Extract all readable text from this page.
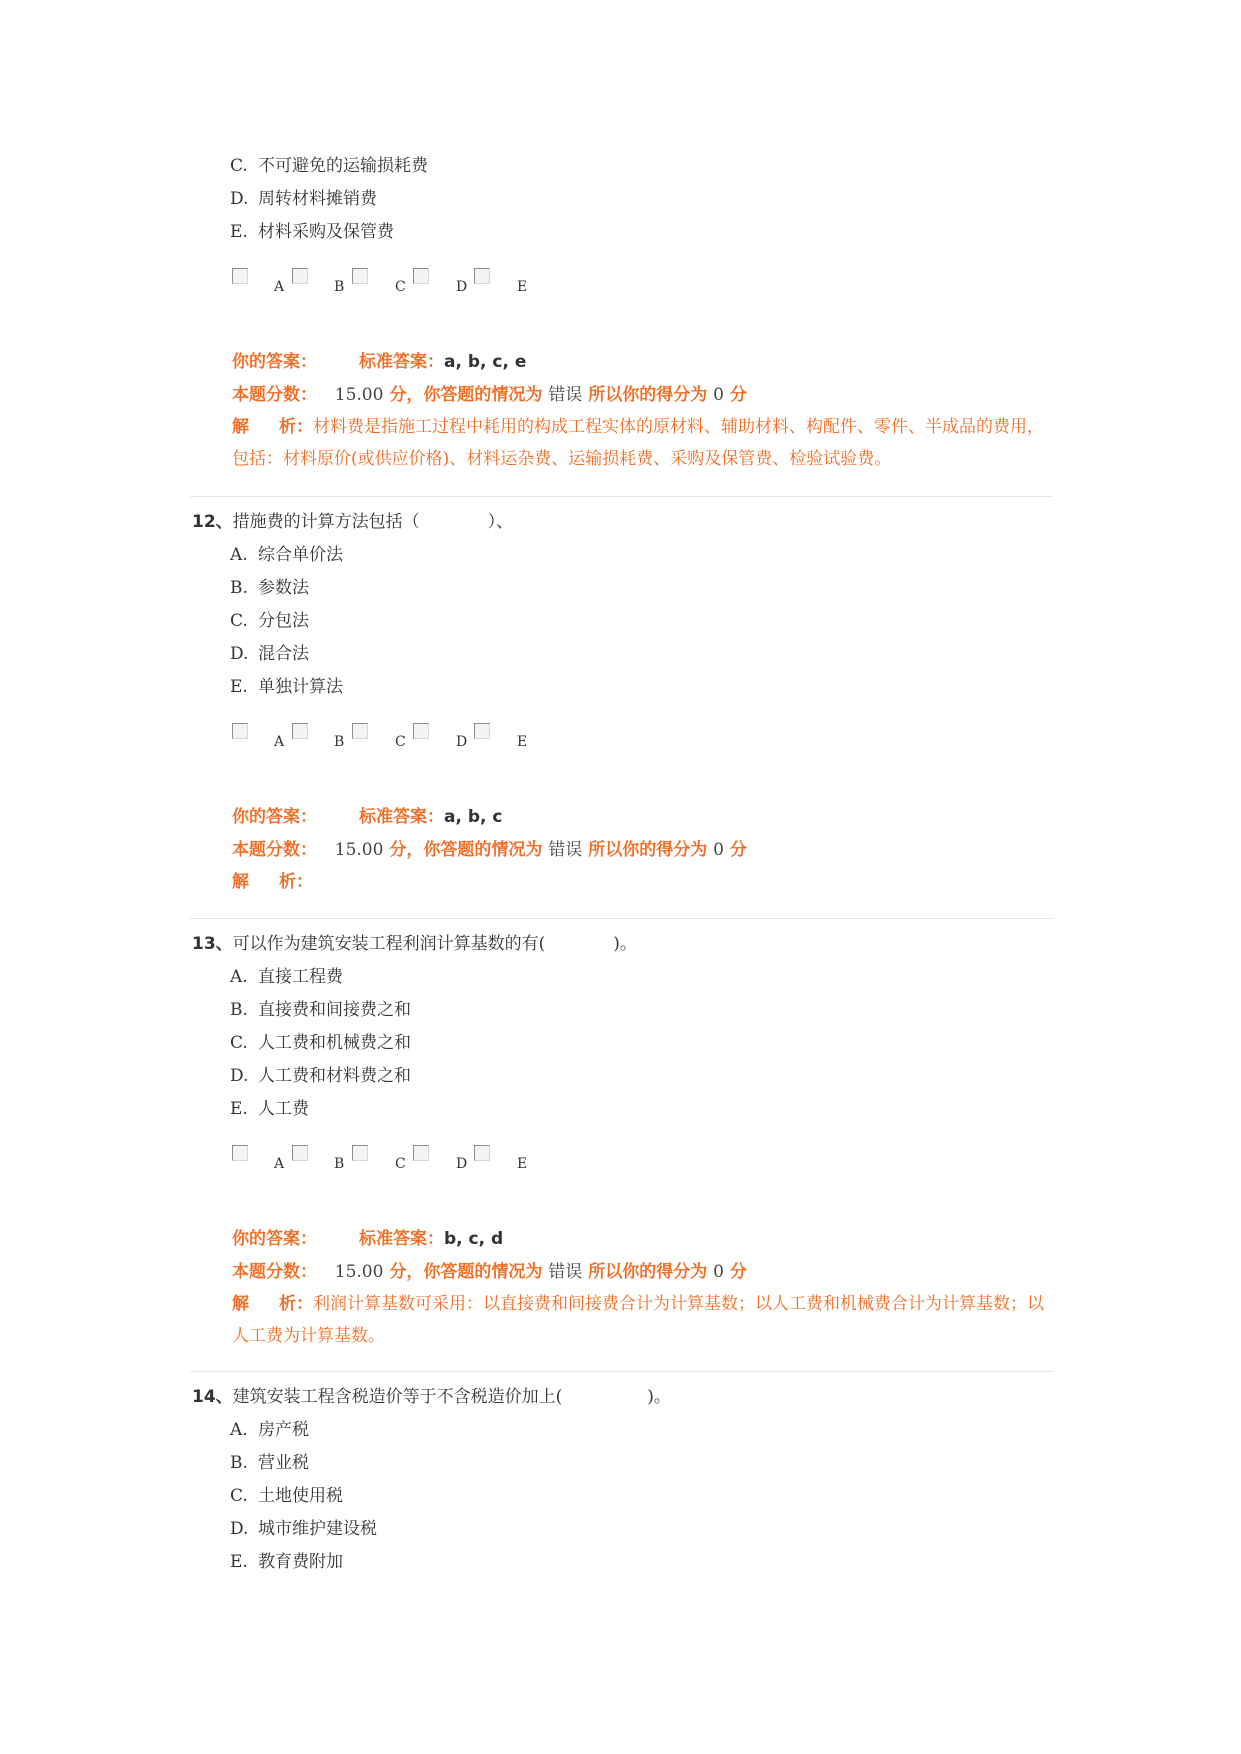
C. 不可避免的运输损耗费
D. 周转材料摊销费
E. 材料采购及保管费
A	B	C	D	E
你的答案： 标准答案：a, b, c, e
本题分数： 15.00 分，你答题的情况为 错误 所以你的得分为 0 分
解 析：材料费是指施工过程中耗用的构成工程实体的原材料、辅助材料、构配件、零件、半成品的费用，包括：材料原价(或供应价格)、材料运杂费、运输损耗费、采购及保管费、检验试验费。
12、措施费的计算方法包括（　　　　）、
A. 综合单价法
B. 参数法
C. 分包法
D. 混合法
E. 单独计算法
A	B	C	D	E
你的答案： 标准答案：a, b, c
本题分数： 15.00 分，你答题的情况为 错误 所以你的得分为 0 分
解 析：
13、可以作为建筑安装工程利润计算基数的有(　　　　)。
A. 直接工程费
B. 直接费和间接费之和
C. 人工费和机械费之和
D. 人工费和材料费之和
E. 人工费
A	B	C	D	E
你的答案： 标准答案：b, c, d
本题分数： 15.00 分，你答题的情况为 错误 所以你的得分为 0 分
解 析：利润计算基数可采用：以直接费和间接费合计为计算基数；以人工费和机械费合计为计算基数；以人工费为计算基数。
14、建筑安装工程含税造价等于不含税造价加上(　　　　　)。
A. 房产税
B. 营业税
C. 土地使用税
D. 城市维护建设税
E. 教育费附加
